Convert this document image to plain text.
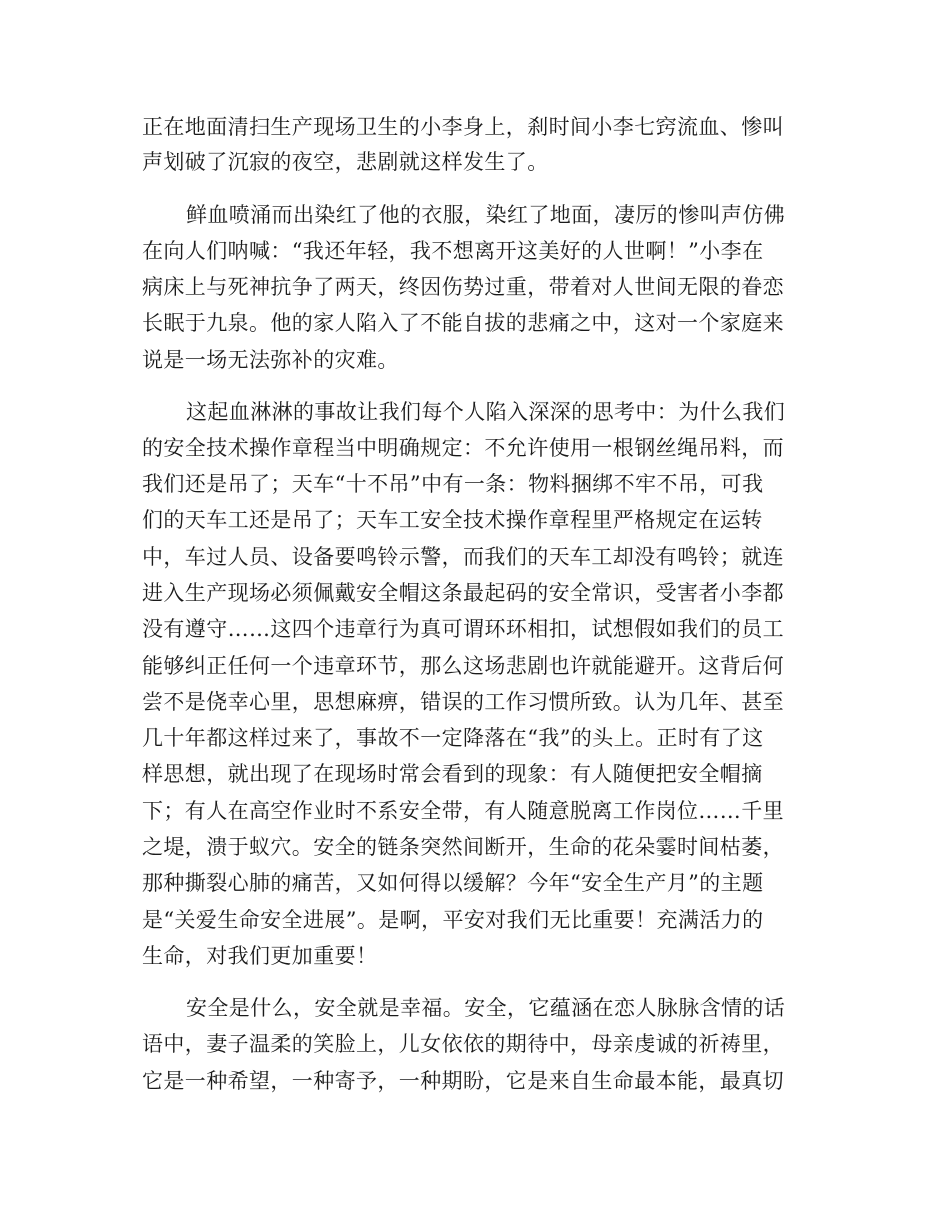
正在地面清扫生产现场卫生的小李身上，刹时间小李七窍流血、惨叫
声划破了沉寂的夜空，悲剧就这样发生了。
鲜血喷涌而出染红了他的衣服，染红了地面，凄厉的惨叫声仿佛
在向人们呐喊：“我还年轻，我不想离开这美好的人世啊！”小李在
病床上与死神抗争了两天，终因伤势过重，带着对人世间无限的眷恋
长眠于九泉。他的家人陷入了不能自拔的悲痛之中，这对一个家庭来
说是一场无法弥补的灾难。
这起血淋淋的事故让我们每个人陷入深深的思考中：为什么我们
的安全技术操作章程当中明确规定：不允许使用一根钢丝绳吊料，而
我们还是吊了；天车“十不吊”中有一条：物料捆绑不牢不吊，可我
们的天车工还是吊了；天车工安全技术操作章程里严格规定在运转
中，车过人员、设备要鸣铃示警，而我们的天车工却没有鸣铃；就连
进入生产现场必须佩戴安全帽这条最起码的安全常识，受害者小李都
没有遵守……这四个违章行为真可谓环环相扣，试想假如我们的员工
能够纠正任何一个违章环节，那么这场悲剧也许就能避开。这背后何
尝不是侥幸心里，思想麻痹，错误的工作习惯所致。认为几年、甚至
几十年都这样过来了，事故不一定降落在“我”的头上。正时有了这
样思想，就出现了在现场时常会看到的现象：有人随便把安全帽摘
下；有人在高空作业时不系安全带，有人随意脱离工作岗位……千里
之堤，溃于蚁穴。安全的链条突然间断开，生命的花朵霎时间枯萎，
那种撕裂心肺的痛苦，又如何得以缓解？今年“安全生产月”的主题
是“关爱生命安全进展”。是啊，平安对我们无比重要！充满活力的
生命，对我们更加重要！
安全是什么，安全就是幸福。安全，它蕴涵在恋人脉脉含情的话
语中，妻子温柔的笑脸上，儿女依依的期待中，母亲虔诚的祈祷里，
它是一种希望，一种寄予，一种期盼，它是来自生命最本能，最真切
